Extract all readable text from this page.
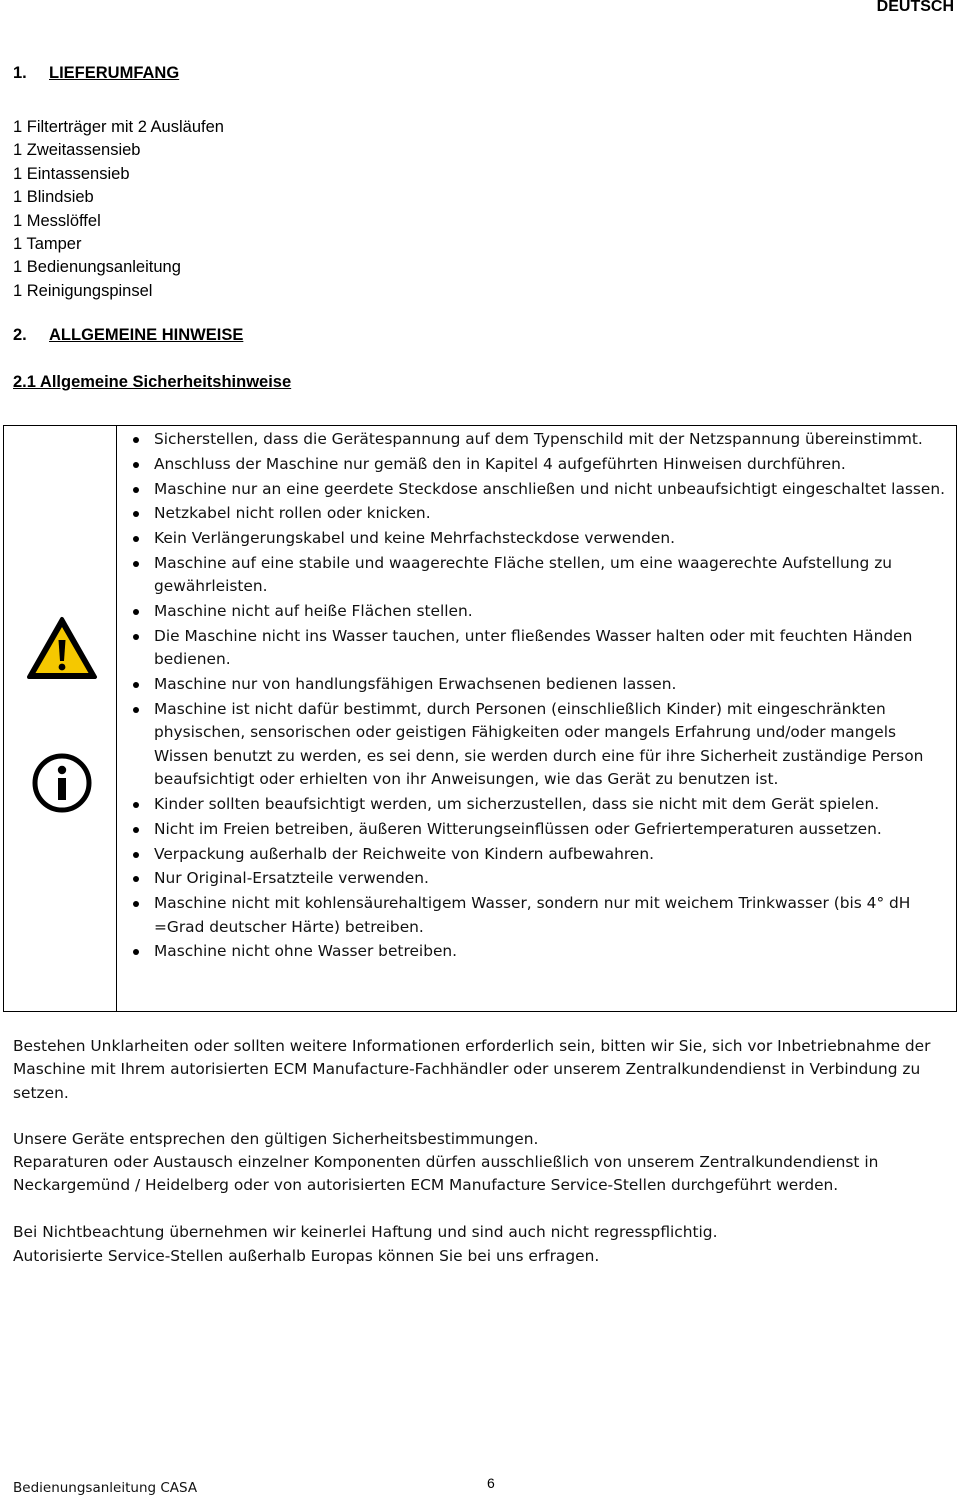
DEUTSCH
1. LIEFERUMFANG
1 Filterträger mit 2 Ausläufen
1 Zweitassensieb
1 Eintassensieb
1 Blindsieb
1 Messlöffel
1 Tamper
1 Bedienungsanleitung
1 Reinigungspinsel
2. ALLGEMEINE HINWEISE
2.1 Allgemeine Sicherheitshinweise
Sicherstellen, dass die Gerätespannung auf dem Typenschild mit der Netzspannung übereinstimmt.
Anschluss der Maschine nur gemäß den in Kapitel 4 aufgeführten Hinweisen durchführen.
Maschine nur an eine geerdete Steckdose anschließen und nicht unbeaufsichtigt eingeschaltet lassen.
Netzkabel nicht rollen oder knicken.
Kein Verlängerungskabel und keine Mehrfachsteckdose verwenden.
Maschine auf eine stabile und waagerechte Fläche stellen, um eine waagerechte Aufstellung zu gewährleisten.
Maschine nicht auf heiße Flächen stellen.
Die Maschine nicht ins Wasser tauchen, unter fließendes Wasser halten oder mit feuchten Händen bedienen.
Maschine nur von handlungsfähigen Erwachsenen bedienen lassen.
Maschine ist nicht dafür bestimmt, durch Personen (einschließlich Kinder) mit eingeschränkten physischen, sensorischen oder geistigen Fähigkeiten oder mangels Erfahrung und/oder mangels Wissen benutzt zu werden, es sei denn, sie werden durch eine für ihre Sicherheit zuständige Person beaufsichtigt oder erhielten von ihr Anweisungen, wie das Gerät zu benutzen ist.
Kinder sollten beaufsichtigt werden, um sicherzustellen, dass sie nicht mit dem Gerät spielen.
Nicht im Freien betreiben, äußeren Witterungseinflüssen oder Gefriertemperaturen aussetzen.
Verpackung außerhalb der Reichweite von Kindern aufbewahren.
Nur Original-Ersatzteile verwenden.
Maschine nicht mit kohlensäurehaltigem Wasser, sondern nur mit weichem Trinkwasser (bis 4° dH =Grad deutscher Härte) betreiben.
Maschine nicht ohne Wasser betreiben.

Bestehen Unklarheiten oder sollten weitere Informationen erforderlich sein, bitten wir Sie, sich vor Inbetriebnahme der Maschine mit Ihrem autorisierten ECM Manufacture-Fachhändler oder unserem Zentralkundendienst in Verbindung zu setzen.

Unsere Geräte entsprechen den gültigen Sicherheitsbestimmungen.

Reparaturen oder Austausch einzelner Komponenten dürfen ausschließlich von unserem Zentralkundendienst in Neckargemünd / Heidelberg oder von autorisierten ECM Manufacture Service-Stellen durchgeführt werden.

Bei Nichtbeachtung übernehmen wir keinerlei Haftung und sind auch nicht regresspflichtig.

Autorisierte Service-Stellen außerhalb Europas können Sie bei uns erfragen.

Bedienungsanleitung CASA	6
